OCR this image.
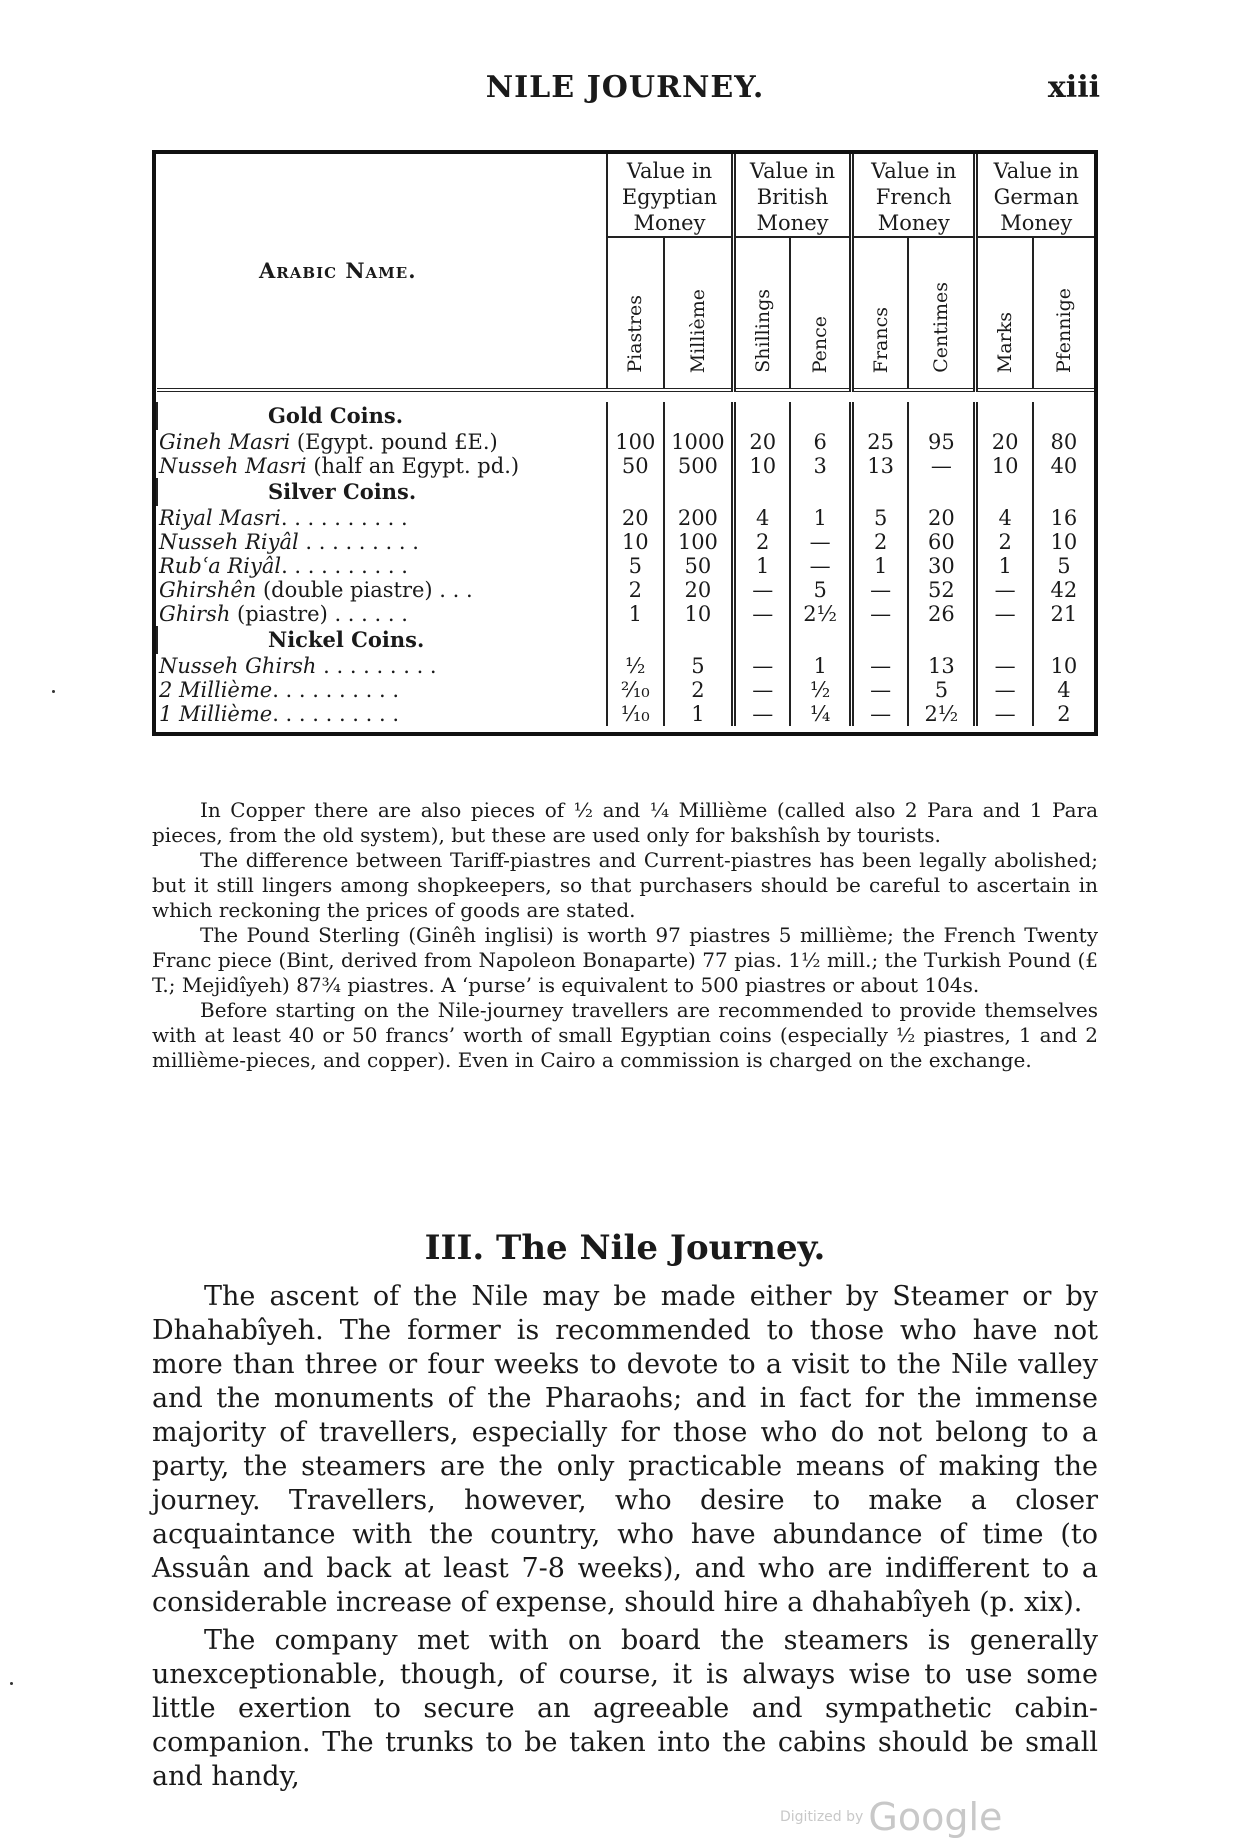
NILE JOURNEY.	xiii
Arabic Name.	Value in Egyptian Money		Value in British Money		Value in French Money		Value in German Money	
	Piastres	Millième	Shillings	Pence	Francs	Centimes	Marks	Pfennige

Gold Coins.								
Gineh Masri (Egypt. pound £E.)	100	1000	20	6	25	95	20	80
Nusseh Masri (half an Egypt. pd.)	50	500	10	3	13	—	10	40
Silver Coins.								
Riyal Masri. . . . . . . . . .	20	200	4	1	5	20	4	16
Nusseh Riyâl . . . . . . . . .	10	100	2	—	2	60	2	10
Rubʿa Riyâl. . . . . . . . . .	5	50	1	—	1	30	1	5
Ghirshên (double piastre) . . .	2	20	—	5	—	52	—	42
Ghirsh (piastre) . . . . . .	1	10	—	2½	—	26	—	21
Nickel Coins.								
Nusseh Ghirsh . . . . . . . . .	½	5	—	1	—	13	—	10
2 Millième. . . . . . . . . .	²⁄₁₀	2	—	½	—	5	—	4
1 Millième. . . . . . . . . .	¹⁄₁₀	1	—	¼	—	2½	—	2

In Copper there are also pieces of ½ and ¼ Millième (called also 2 Para and 1 Para pieces, from the old system), but these are used only for bakshîsh by tourists.

The difference between Tariff-piastres and Current-piastres has been legally abolished; but it still lingers among shopkeepers, so that purchasers should be careful to ascertain in which reckoning the prices of goods are stated.

The Pound Sterling (Ginêh inglisi) is worth 97 piastres 5 millième; the French Twenty Franc piece (Bint, derived from Napoleon Bonaparte) 77 pias. 1½ mill.; the Turkish Pound (£ T.; Mejidîyeh) 87¾ piastres. A ‘purse’ is equivalent to 500 piastres or about 104s.

Before starting on the Nile-journey travellers are recommended to provide themselves with at least 40 or 50 francs’ worth of small Egyptian coins (especially ½ piastres, 1 and 2 millième-pieces, and copper). Even in Cairo a commission is charged on the exchange.

III. The Nile Journey.

The ascent of the Nile may be made either by Steamer or by Dhahabîyeh. The former is recommended to those who have not more than three or four weeks to devote to a visit to the Nile valley and the monuments of the Pharaohs; and in fact for the immense majority of travellers, especially for those who do not belong to a party, the steamers are the only practicable means of making the journey. Travellers, however, who desire to make a closer acquaintance with the country, who have abundance of time (to Assuân and back at least 7-8 weeks), and who are indifferent to a considerable increase of expense, should hire a dhahabîyeh (p. xix).

The company met with on board the steamers is generally unexceptionable, though, of course, it is always wise to use some little exertion to secure an agreeable and sympathetic cabin-companion. The trunks to be taken into the cabins should be small and handy,

Digitized by Google
